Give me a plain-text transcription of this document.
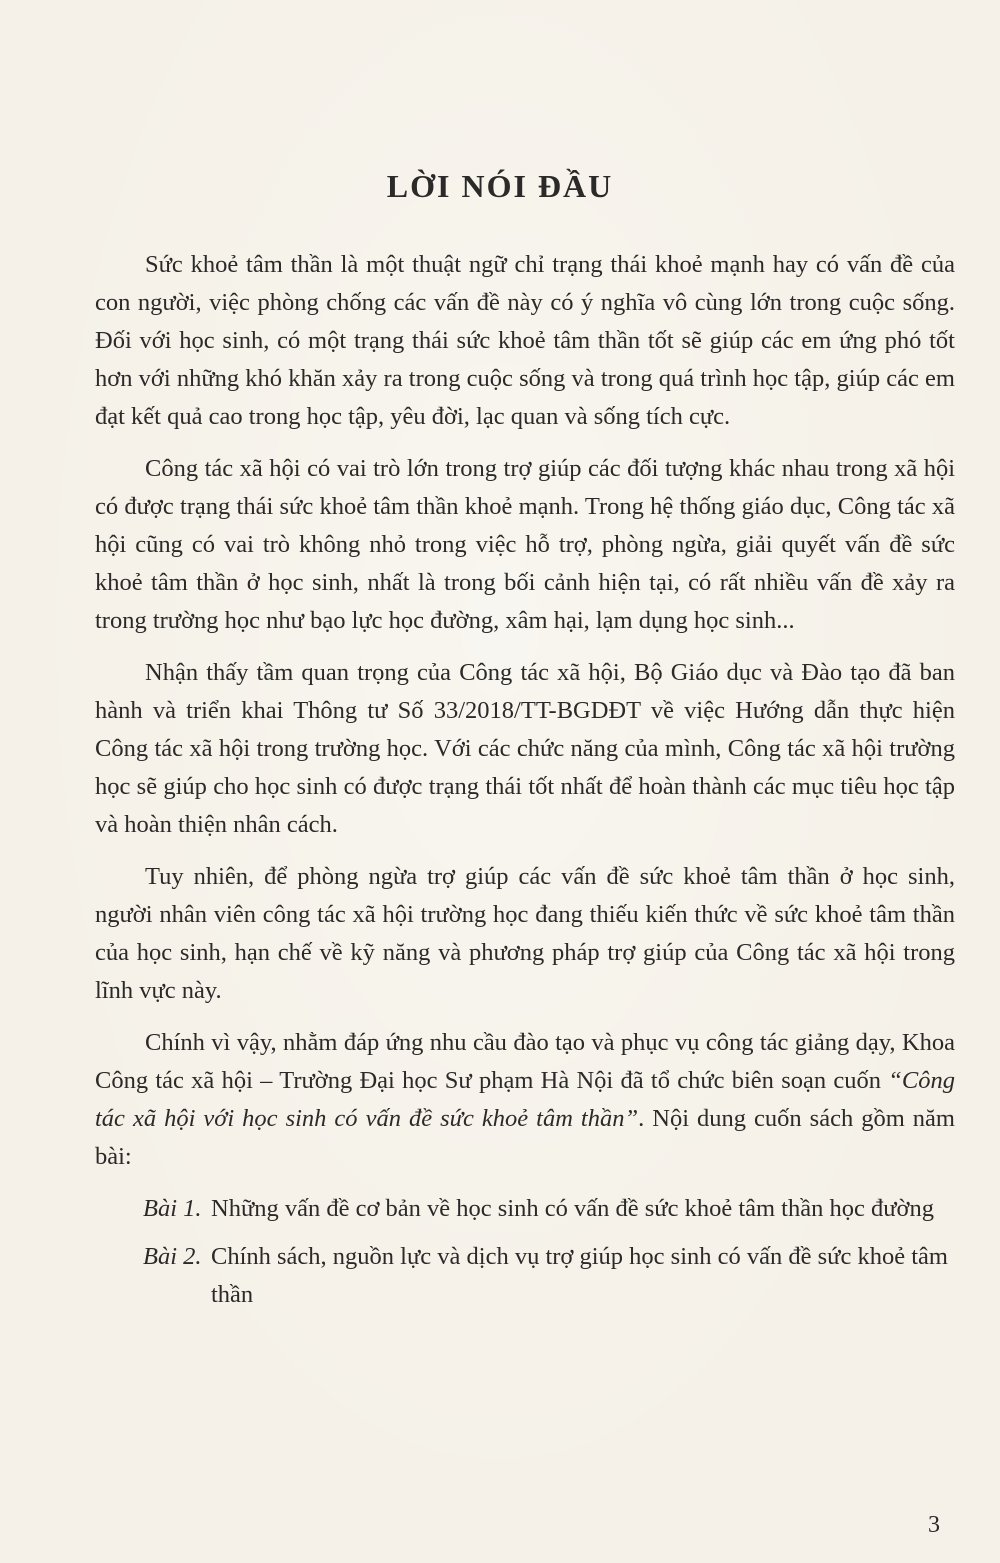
LỜI NÓI ĐẦU

Sức khoẻ tâm thần là một thuật ngữ chỉ trạng thái khoẻ mạnh hay có vấn đề của con người, việc phòng chống các vấn đề này có ý nghĩa vô cùng lớn trong cuộc sống. Đối với học sinh, có một trạng thái sức khoẻ tâm thần tốt sẽ giúp các em ứng phó tốt hơn với những khó khăn xảy ra trong cuộc sống và trong quá trình học tập, giúp các em đạt kết quả cao trong học tập, yêu đời, lạc quan và sống tích cực.

Công tác xã hội có vai trò lớn trong trợ giúp các đối tượng khác nhau trong xã hội có được trạng thái sức khoẻ tâm thần khoẻ mạnh. Trong hệ thống giáo dục, Công tác xã hội cũng có vai trò không nhỏ trong việc hỗ trợ, phòng ngừa, giải quyết vấn đề sức khoẻ tâm thần ở học sinh, nhất là trong bối cảnh hiện tại, có rất nhiều vấn đề xảy ra trong trường học như bạo lực học đường, xâm hại, lạm dụng học sinh...

Nhận thấy tầm quan trọng của Công tác xã hội, Bộ Giáo dục và Đào tạo đã ban hành và triển khai Thông tư Số 33/2018/TT-BGDĐT về việc Hướng dẫn thực hiện Công tác xã hội trong trường học. Với các chức năng của mình, Công tác xã hội trường học sẽ giúp cho học sinh có được trạng thái tốt nhất để hoàn thành các mục tiêu học tập và hoàn thiện nhân cách.

Tuy nhiên, để phòng ngừa trợ giúp các vấn đề sức khoẻ tâm thần ở học sinh, người nhân viên công tác xã hội trường học đang thiếu kiến thức về sức khoẻ tâm thần của học sinh, hạn chế về kỹ năng và phương pháp trợ giúp của Công tác xã hội trong lĩnh vực này.

Chính vì vậy, nhằm đáp ứng nhu cầu đào tạo và phục vụ công tác giảng dạy, Khoa Công tác xã hội – Trường Đại học Sư phạm Hà Nội đã tổ chức biên soạn cuốn “Công tác xã hội với học sinh có vấn đề sức khoẻ tâm thần”. Nội dung cuốn sách gồm năm bài:

Bài 1. Những vấn đề cơ bản về học sinh có vấn đề sức khoẻ tâm thần học đường

Bài 2. Chính sách, nguồn lực và dịch vụ trợ giúp học sinh có vấn đề sức khoẻ tâm thần

3
